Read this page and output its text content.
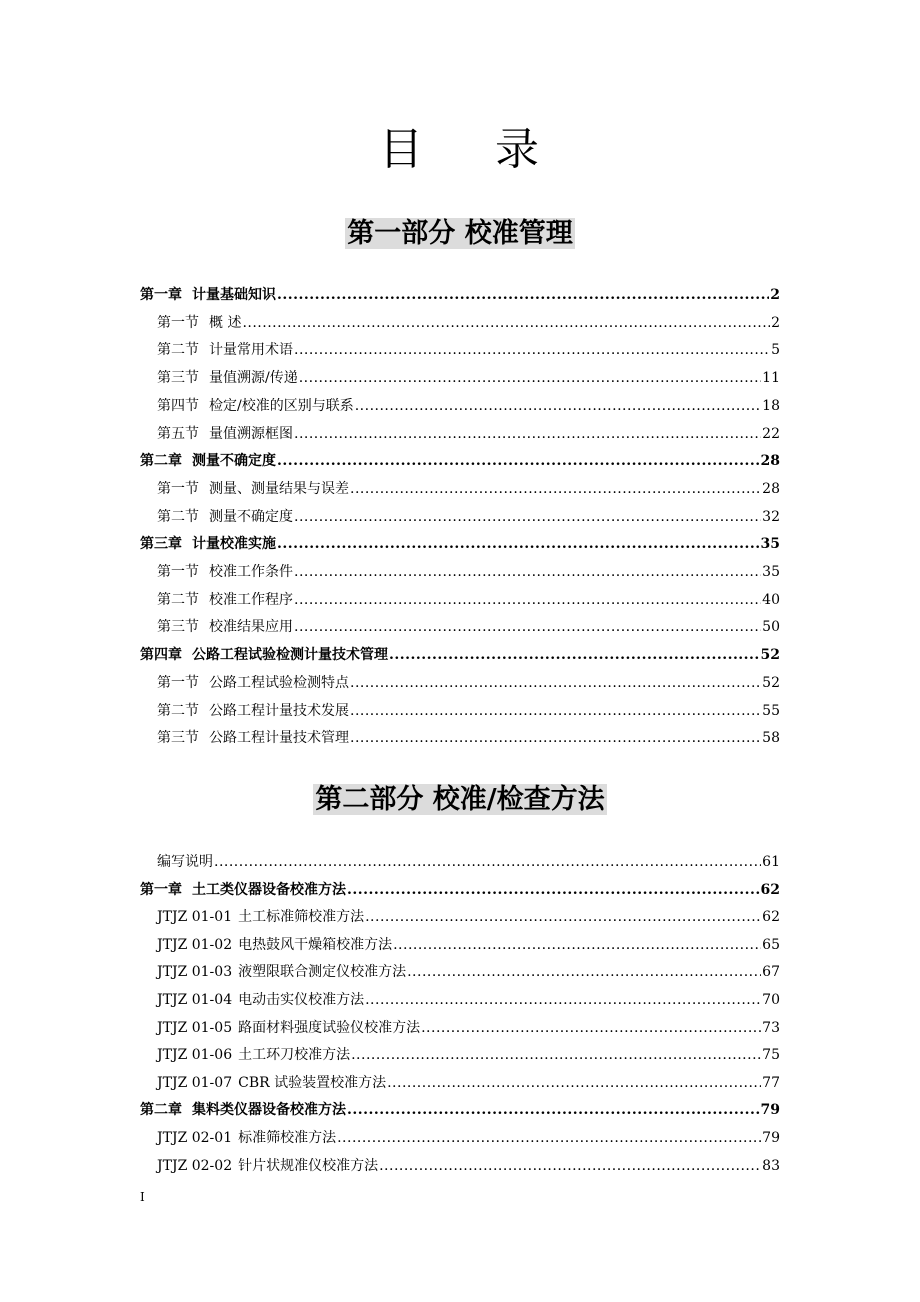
目 录
第一部分 校准管理
第一章 计量基础知识 .....	2
第一节 概 述 .....	2
第二节 计量常用术语 .....	5
第三节 量值溯源/传递 .....	11
第四节 检定/校准的区别与联系 .....	18
第五节 量值溯源框图 .....	22
第二章 测量不确定度 .....	28
第一节 测量、测量结果与误差 .....	28
第二节 测量不确定度 .....	32
第三章 计量校准实施 .....	35
第一节 校准工作条件 .....	35
第二节 校准工作程序 .....	40
第三节 校准结果应用 .....	50
第四章 公路工程试验检测计量技术管理 .....	52
第一节 公路工程试验检测特点 .....	52
第二节 公路工程计量技术发展 .....	55
第三节 公路工程计量技术管理 .....	58
第二部分 校准/检查方法
编写说明 .....	61
第一章 土工类仪器设备校准方法 .....	62
JTJZ 01-01 土工标准筛校准方法 .....	62
JTJZ 01-02 电热鼓风干燥箱校准方法 .....	65
JTJZ 01-03 液塑限联合测定仪校准方法 .....	67
JTJZ 01-04 电动击实仪校准方法 .....	70
JTJZ 01-05 路面材料强度试验仪校准方法 .....	73
JTJZ 01-06 土工环刀校准方法 .....	75
JTJZ 01-07 CBR 试验装置校准方法 .....	77
第二章 集料类仪器设备校准方法 .....	79
JTJZ 02-01 标准筛校准方法 .....	79
JTJZ 02-02 针片状规准仪校准方法 .....	83
I
